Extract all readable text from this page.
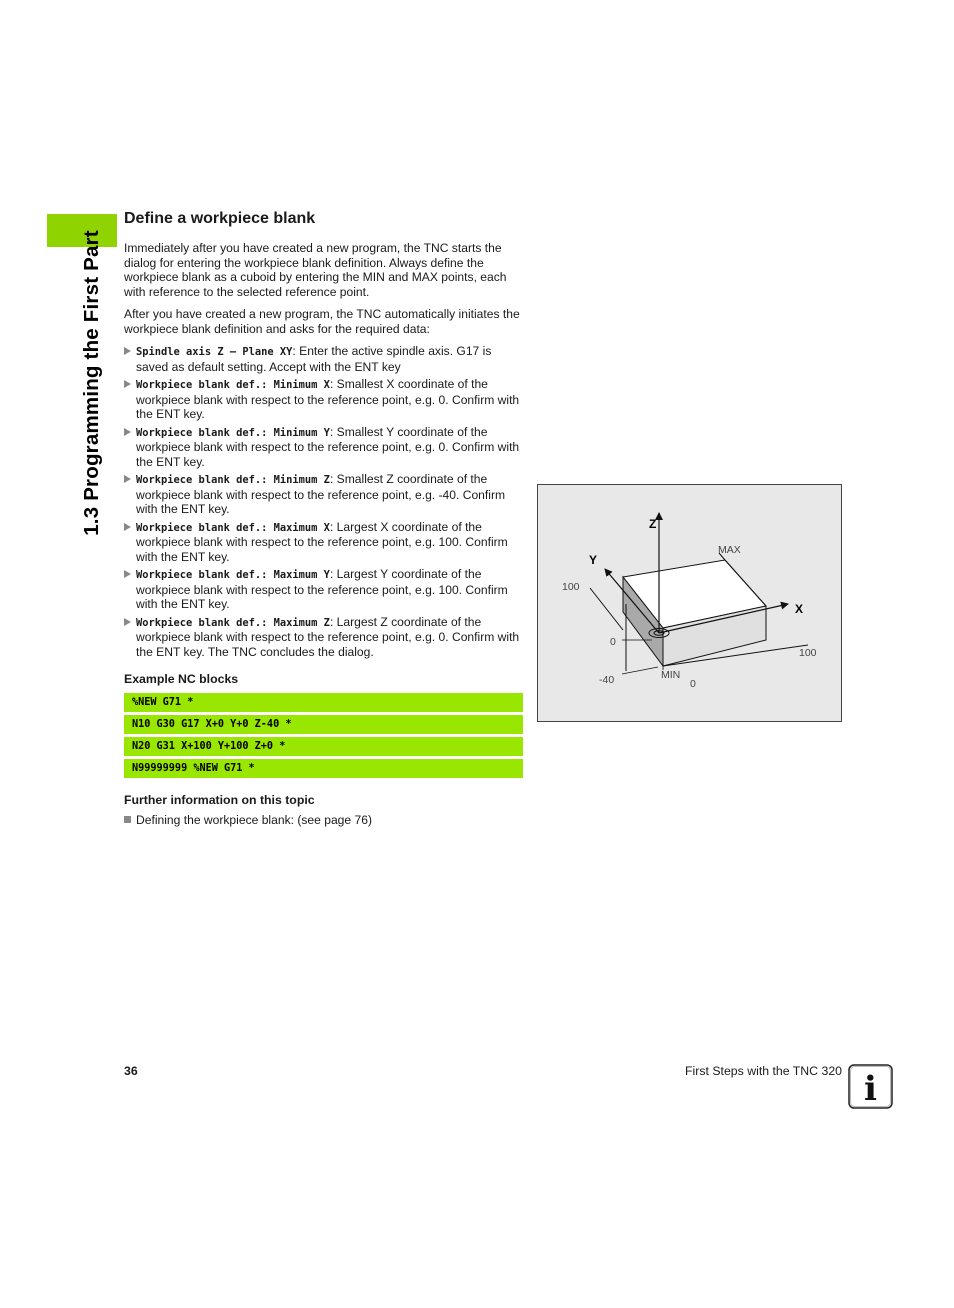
1.3 Programming the First Part
Define a workpiece blank

Immediately after you have created a new program, the TNC starts the dialog for entering the workpiece blank definition. Always define the workpiece blank as a cuboid by entering the MIN and MAX points, each with reference to the selected reference point.

After you have created a new program, the TNC automatically initiates the workpiece blank definition and asks for the required data:

Spindle axis Z – Plane XY: Enter the active spindle axis. G17 is saved as default setting. Accept with the ENT key
Workpiece blank def.: Minimum X: Smallest X coordinate of the workpiece blank with respect to the reference point, e.g. 0. Confirm with the ENT key.
Workpiece blank def.: Minimum Y: Smallest Y coordinate of the workpiece blank with respect to the reference point, e.g. 0. Confirm with the ENT key.
Workpiece blank def.: Minimum Z: Smallest Z coordinate of the workpiece blank with respect to the reference point, e.g. -40. Confirm with the ENT key.
Workpiece blank def.: Maximum X: Largest X coordinate of the workpiece blank with respect to the reference point, e.g. 100. Confirm with the ENT key.
Workpiece blank def.: Maximum Y: Largest Y coordinate of the workpiece blank with respect to the reference point, e.g. 100. Confirm with the ENT key.
Workpiece blank def.: Maximum Z: Largest Z coordinate of the workpiece blank with respect to the reference point, e.g. 0. Confirm with the ENT key. The TNC concludes the dialog.
Example NC blocks
%NEW G71 *
N10 G30 G17 X+0 Y+0 Z-40 *
N20 G31 X+100 Y+100 Z+0 *
N99999999 %NEW G71 *
Further information on this topic
Defining the workpiece blank: (see page 76)
Z
Y
X
MAX
MIN
100
0
-40	0
100
36	First Steps with the TNC 320 i
